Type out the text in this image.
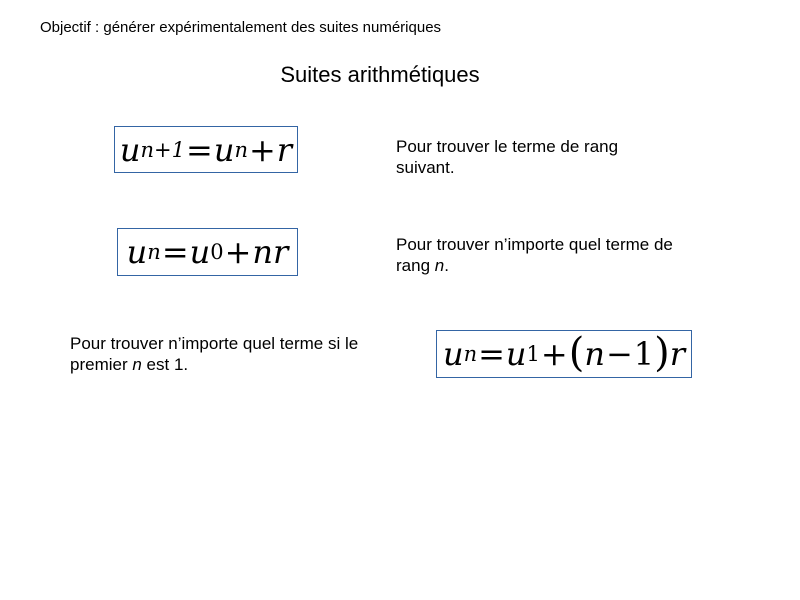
Objectif : générer expérimentalement des suites numériques
Suites arithmétiques
u n+1 = u n + r	Pour trouver le terme de rang
suivant.
u n = u 0 + n r	Pour trouver n’importe quel terme de
rang n.
Pour trouver n’importe quel terme si le
premier n est 1.	u n = u 1 + ( n − 1 ) r
